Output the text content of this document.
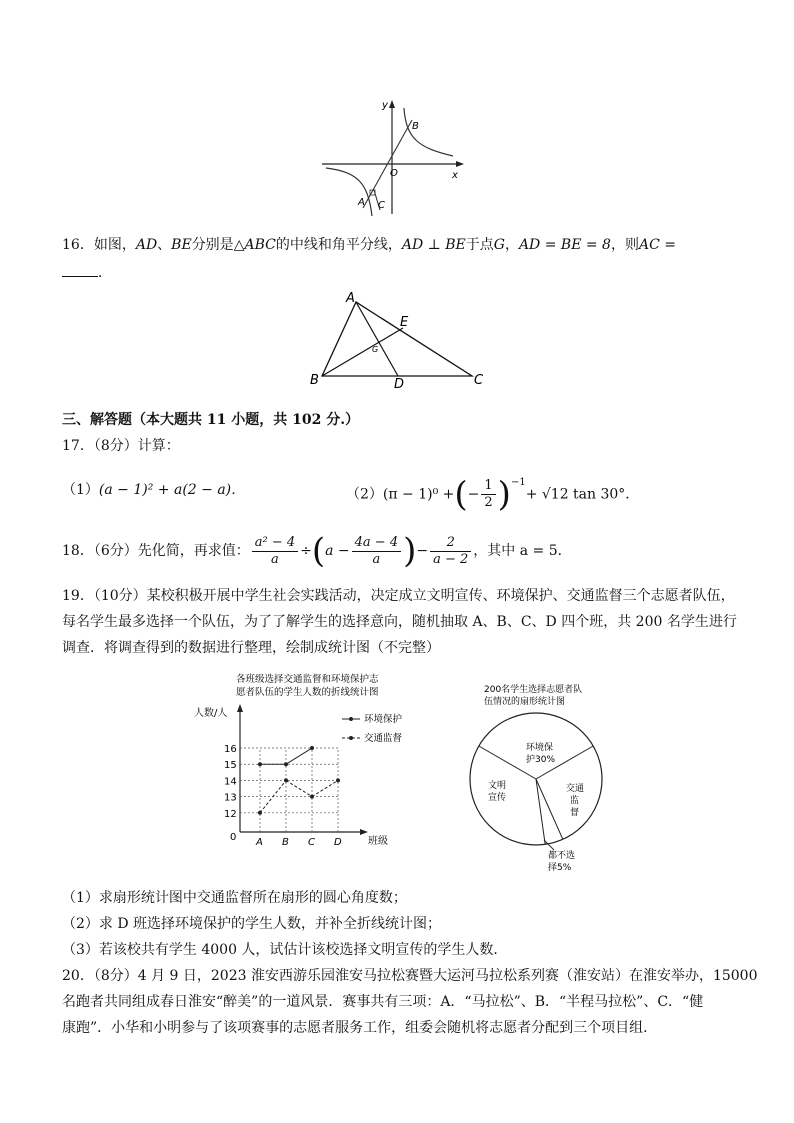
y
x
O
A
B
C
16．如图，AD、BE分别是△ABC的中线和角平分线，AD ⊥ BE于点G，AD = BE = 8，则AC =
．
A
B	C
D
E
G
三、解答题（本大题共 11 小题，共 102 分.）
17．（8分）计算：
（1）(a − 1)² + a(2 − a)．	（2）(π − 1)⁰ +(− $\frac{1}{2} )^{-1}+ √12$ tan 30°．
18．（6分）先化简，再求值： $\frac{\text{a² − 4}}{a} \div(a - \frac{4a - 4}{a}$ )− $\frac{2}{a - 2}$ ，其中 a = 5．
19．（10分）某校积极开展中学生社会实践活动，决定成立文明宣传、环境保护、交通监督三个志愿者队伍，
每名学生最多选择一个队伍，为了了解学生的选择意向，随机抽取 A、B、C、D 四个班，共 200 名学生进行
调查．将调查得到的数据进行整理，绘制成统计图（不完整）
各班级选择交通监督和环境保护志
愿者队伍的学生人数的折线统计图
人数/人
班级
0
12
13
14
15
16
A B C D
环境保护
交通监督
200名学生选择志愿者队
伍情况的扇形统计图
环境保
护30%
交通
监
督
文明
宣传
都不选
择5%
（1）求扇形统计图中交通监督所在扇形的圆心角度数；
（2）求 D 班选择环境保护的学生人数，并补全折线统计图；
（3）若该校共有学生 4000 人，试估计该校选择文明宣传的学生人数．
20．（8分）4 月 9 日，2023 淮安西游乐园淮安马拉松赛暨大运河马拉松系列赛（淮安站）在淮安举办，15000
名跑者共同组成春日淮安“醉美”的一道风景．赛事共有三项：A．“马拉松”、B．“半程马拉松”、C．“健
康跑”．小华和小明参与了该项赛事的志愿者服务工作，组委会随机将志愿者分配到三个项目组．
